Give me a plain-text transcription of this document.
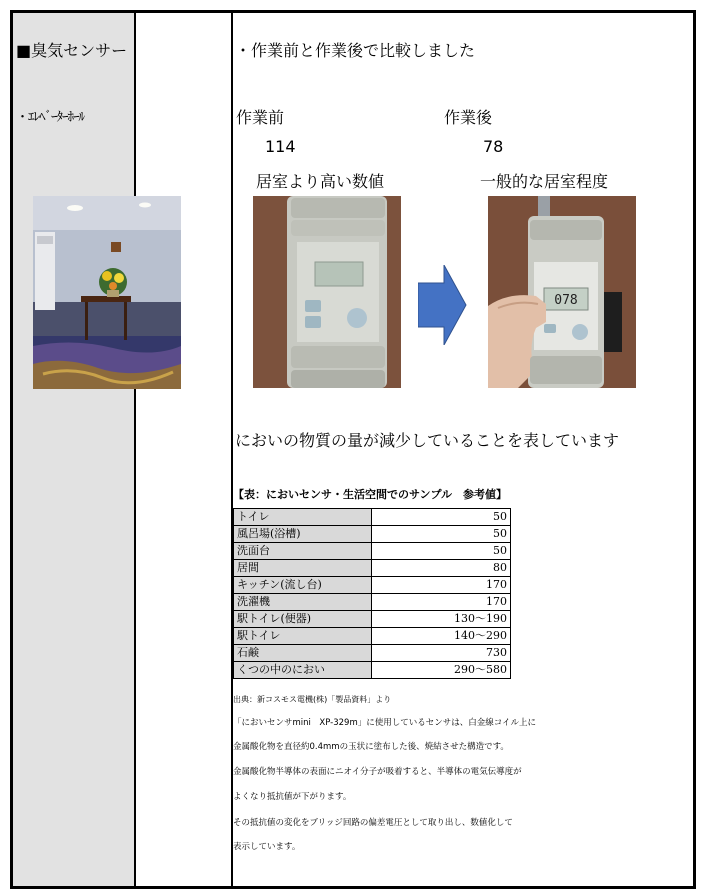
■臭気センサー
・ｴﾚﾍﾞｰﾀｰﾎｰﾙ
・作業前と作業後で比較しました
作業前	作業後
114	78
居室より高い数値	一般的な居室程度
078
においの物質の量が減少していることを表しています
【表：においセンサ・生活空間でのサンプル　参考値】
トイレ	50
風呂場(浴槽)	50
洗面台	50
居間	80
キッチン(流し台)	170
洗濯機	170
駅トイレ(便器)	130～190
駅トイレ	140～290
石鹸	730
くつの中のにおい	290～580
出典：新コスモス電機(株)「製品資料」より
「においセンサmini　XP-329m」に使用しているセンサは、白金線コイル上に
金属酸化物を直径約0.4mmの玉状に塗布した後、焼結させた構造です。
金属酸化物半導体の表面にニオイ分子が吸着すると、半導体の電気伝導度が
よくなり抵抗値が下がります。
その抵抗値の変化をブリッジ回路の偏差電圧として取り出し、数値化して
表示しています。
